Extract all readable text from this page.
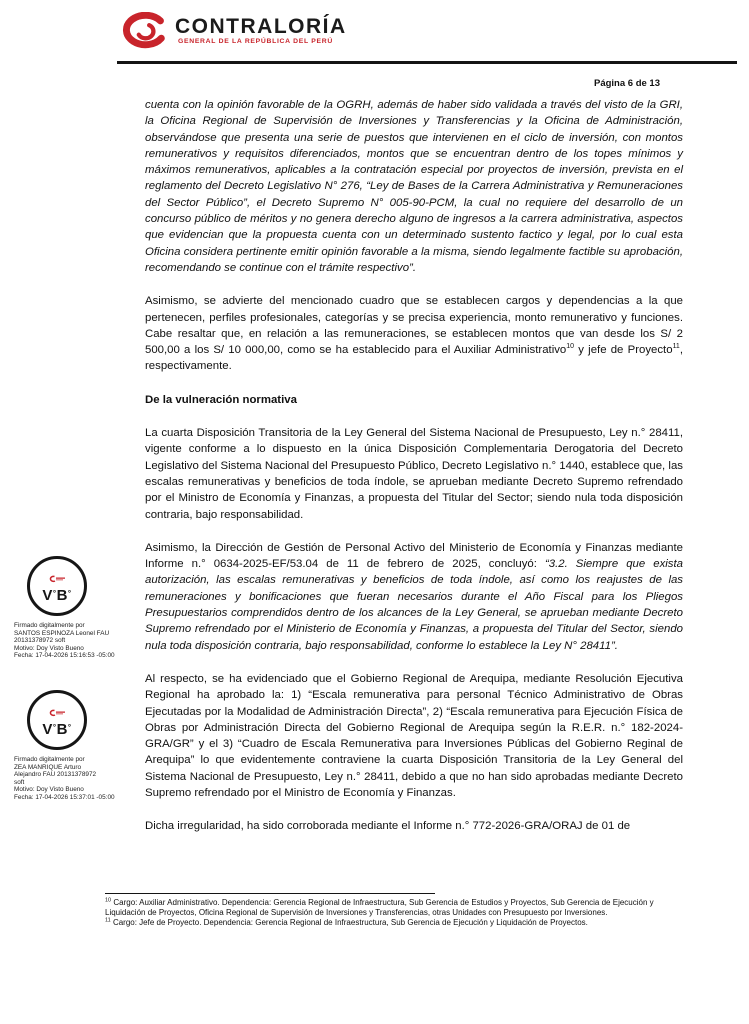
CONTRALORÍA
GENERAL DE LA REPÚBLICA DEL PERÚ
Página 6 de 13

cuenta con la opinión favorable de la OGRH, además de haber sido validada a través del visto de la GRI, la Oficina Regional de Supervisión de Inversiones y Transferencias y la Oficina de Administración, observándose que presenta una serie de puestos que intervienen en el ciclo de inversión, con montos remunerativos y requisitos diferenciados, montos que se encuentran dentro de los topes mínimos y máximos remunerativos, aplicables a la contratación especial por proyectos de inversión, prevista en el reglamento del Decreto Legislativo N° 276, “Ley de Bases de la Carrera Administrativa y Remuneraciones del Sector Público”, el Decreto Supremo N° 005-90-PCM, la cual no requiere del desarrollo de un concurso público de méritos y no genera derecho alguno de ingresos a la carrera administrativa, aspectos que evidencian que la propuesta cuenta con un determinado sustento factico y legal, por lo cual esta Oficina considera pertinente emitir opinión favorable a la misma, siendo legalmente factible su aprobación, recomendando se continue con el trámite respectivo”.

Asimismo, se advierte del mencionado cuadro que se establecen cargos y dependencias a la que pertenecen, perfiles profesionales, categorías y se precisa experiencia, monto remunerativo y funciones. Cabe resaltar que, en relación a las remuneraciones, se establecen montos que van desde los S/ 2 500,00 a los S/ 10 000,00, como se ha establecido para el Auxiliar Administrativo$^{10}$ y jefe de Proyecto$^{11}$, respectivamente.

De la vulneración normativa

La cuarta Disposición Transitoria de la Ley General del Sistema Nacional de Presupuesto, Ley n.° 28411, vigente conforme a lo dispuesto en la única Disposición Complementaria Derogatoria del Decreto Legislativo del Sistema Nacional del Presupuesto Público, Decreto Legislativo n.° 1440, establece que, las escalas remunerativas y beneficios de toda índole, se aprueban mediante Decreto Supremo refrendado por el Ministro de Economía y Finanzas, a propuesta del Titular del Sector; siendo nula toda disposición contraria, bajo responsabilidad.

Asimismo, la Dirección de Gestión de Personal Activo del Ministerio de Economía y Finanzas mediante Informe n.° 0634-2025-EF/53.04 de 11 de febrero de 2025, concluyó: “3.2. Siempre que exista autorización, las escalas remunerativas y beneficios de toda índole, así como los reajustes de las remuneraciones y bonificaciones que fueran necesarios durante el Año Fiscal para los Pliegos Presupuestarios comprendidos dentro de los alcances de la Ley General, se aprueban mediante Decreto Supremo refrendado por el Ministerio de Economía y Finanzas, a propuesta del Titular del Sector, siendo nula toda disposición contraria, bajo responsabilidad, conforme lo establece la Ley N° 28411”.

Al respecto, se ha evidenciado que el Gobierno Regional de Arequipa, mediante Resolución Ejecutiva Regional ha aprobado la: 1) “Escala remunerativa para personal Técnico Administrativo de Obras Ejecutadas por la Modalidad de Administración Directa”, 2) “Escala remunerativa para Ejecución Física de Obras por Administración Directa del Gobierno Regional de Arequipa según la R.E.R. n.° 182-2024-GRA/GR” y el 3) “Cuadro de Escala Remunerativa para Inversiones Públicas del Gobierno Reginal de Arequipa” lo que evidentemente contraviene la cuarta Disposición Transitoria de la Ley General del Sistema Nacional de Presupuesto, Ley n.° 28411, debido a que no han sido aprobadas mediante Decreto Supremo refrendado por el Ministro de Economía y Finanzas.

Dicha irregularidad, ha sido corroborada mediante el Informe n.° 772-2026-GRA/ORAJ de 01 de

V°B°
Firmado digitalmente por
SANTOS ESPINOZA Leonel FAU
20131378972 soft
Motivo: Doy Visto Bueno
Fecha: 17-04-2026 15:16:53 -05:00
V°B°
Firmado digitalmente por
ZEA MANRIQUE Arturo
Alejandro FAU 20131378972
soft
Motivo: Doy Visto Bueno
Fecha: 17-04-2026 15:37:01 -05:00

$^{10}$ Cargo: Auxiliar Administrativo. Dependencia: Gerencia Regional de Infraestructura, Sub Gerencia de Estudios y Proyectos, Sub Gerencia de Ejecución y Liquidación de Proyectos, Oficina Regional de Supervisión de Inversiones y Transferencias, otras Unidades con Presupuesto por Inversiones.

$^{11}$ Cargo: Jefe de Proyecto. Dependencia: Gerencia Regional de Infraestructura, Sub Gerencia de Ejecución y Liquidación de Proyectos.
